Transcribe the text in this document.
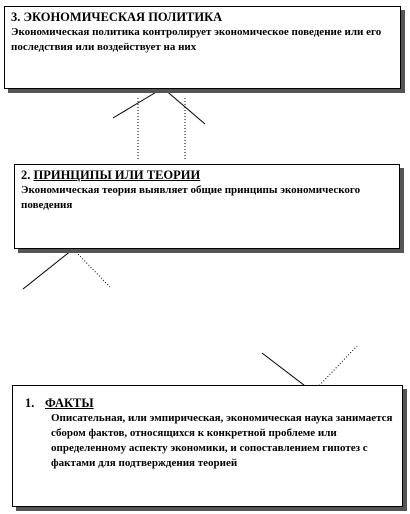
3. ЭКОНОМИЧЕСКАЯ ПОЛИТИКА
Экономическая политика контролирует экономическое поведение или его последствия или воздействует на них
2. ПРИНЦИПЫ ИЛИ ТЕОРИИ
Экономическая теория выявляет общие принципы экономического поведения
1. ФАКТЫ
Описательная, или эмпирическая, экономическая наука занимается сбором фактов, относящихся к конкретной проблеме или определенному аспекту экономики, и сопоставлением гипотез с фактами для подтверждения теорией
